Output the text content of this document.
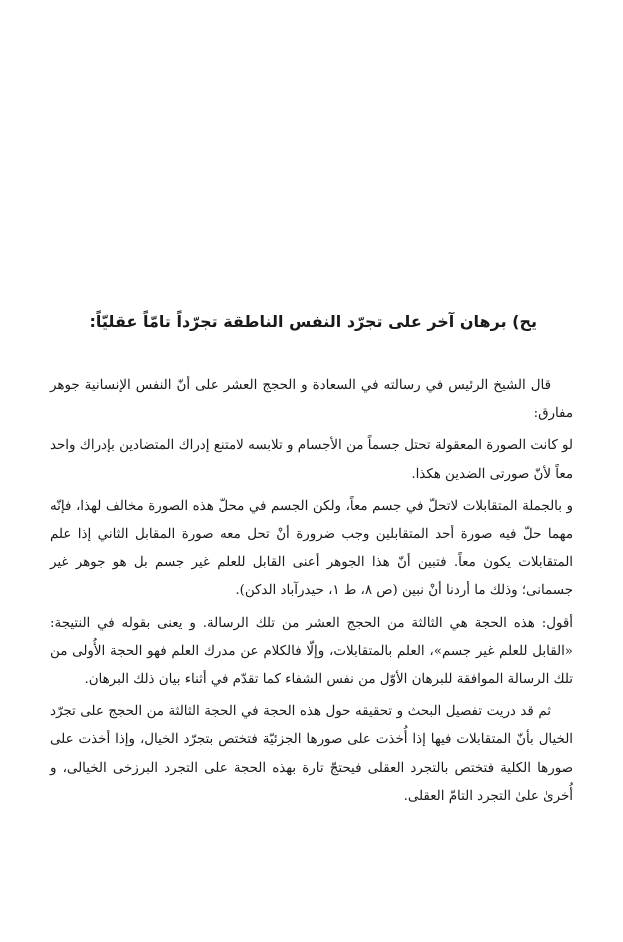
يح) برهان آخر على تجرّد النفس الناطقة تجرّداً تامّاً عقليّاً:

قال الشيخ الرئيس في رسالته في السعادة و الحجج العشر على أنّ النفس الإنسانية جوهر مفارق:

لو كانت الصورة المعقولة تحتل جسماً من الأجسام و تلابسه لامتنع إدراك المتضادين بإدراك واحد معاً لأنّ صورتى الضدين هكذا.

و بالجملة المتقابلات لاتحلّ في جسم معاً، ولكن الجسم في محلّ هذه الصورة مخالف لهذا، فإنّه مهما حلّ فيه صورة أحد المتقابلين وجب ضرورة أنْ تحل معه صورة المقابل الثاني إذا علم المتقابلات يكون معاً. فتبين أنّ هذا الجوهر أعنى القابل للعلم غير جسم بل هو جوهر غير جسمانى؛ وذلك ما أردنا أنْ نبين (ص ٨، ط ١، حيدرآباد الدكن).

أقول: هذه الحجة هي الثالثة من الحجج العشر من تلك الرسالة. و يعنى بقوله في النتيجة: «القابل للعلم غير جسم»، العلم بالمتقابلات، وإلّا فالكلام عن مدرك العلم فهو الحجة الأُولى من تلك الرسالة الموافقة للبرهان الأوّل من نفس الشفاء كما تقدّم في أثناء بيان ذلك البرهان.

ثم قد دريت تفصيل البحث و تحقيقه حول هذه الحجة في الحجة الثالثة من الحجج على تجرّد الخيال بأنّ المتقابلات فيها إذا أُخذت على صورها الجزئيّة فتختص بتجرّد الخيال، وإذا أخذت على صورها الكلية فتختص بالتجرد العقلى فيحتجّ تارة بهذه الحجة على التجرد البرزخى الخيالى، و أُخرىٰ علىٰ التجرد التامّ العقلى.
